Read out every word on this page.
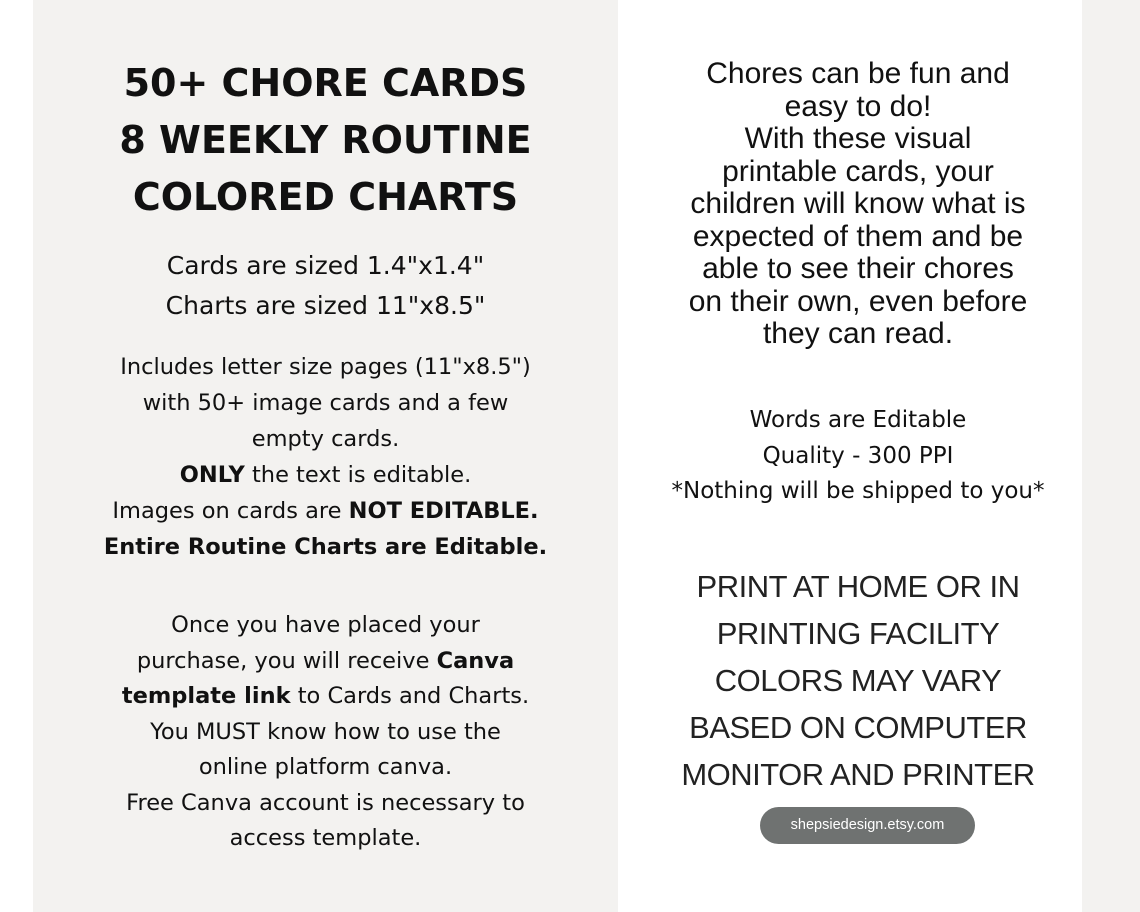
50+ CHORE CARDS
8 WEEKLY ROUTINE
COLORED CHARTS
Cards are sized 1.4"x1.4"
Charts are sized 11"x8.5"
Includes letter size pages (11"x8.5")
with 50+ image cards and a few
empty cards.
ONLY the text is editable.
Images on cards are NOT EDITABLE.
Entire Routine Charts are Editable.
Once you have placed your
purchase, you will receive Canva
template link to Cards and Charts.
You MUST know how to use the
online platform canva.
Free Canva account is necessary to
access template.
Chores can be fun and
easy to do!
With these visual
printable cards, your
children will know what is
expected of them and be
able to see their chores
on their own, even before
they can read.
Words are Editable
Quality - 300 PPI
*Nothing will be shipped to you*
PRINT AT HOME OR IN
PRINTING FACILITY
COLORS MAY VARY
BASED ON COMPUTER
MONITOR AND PRINTER
shepsiedesign.etsy.com
